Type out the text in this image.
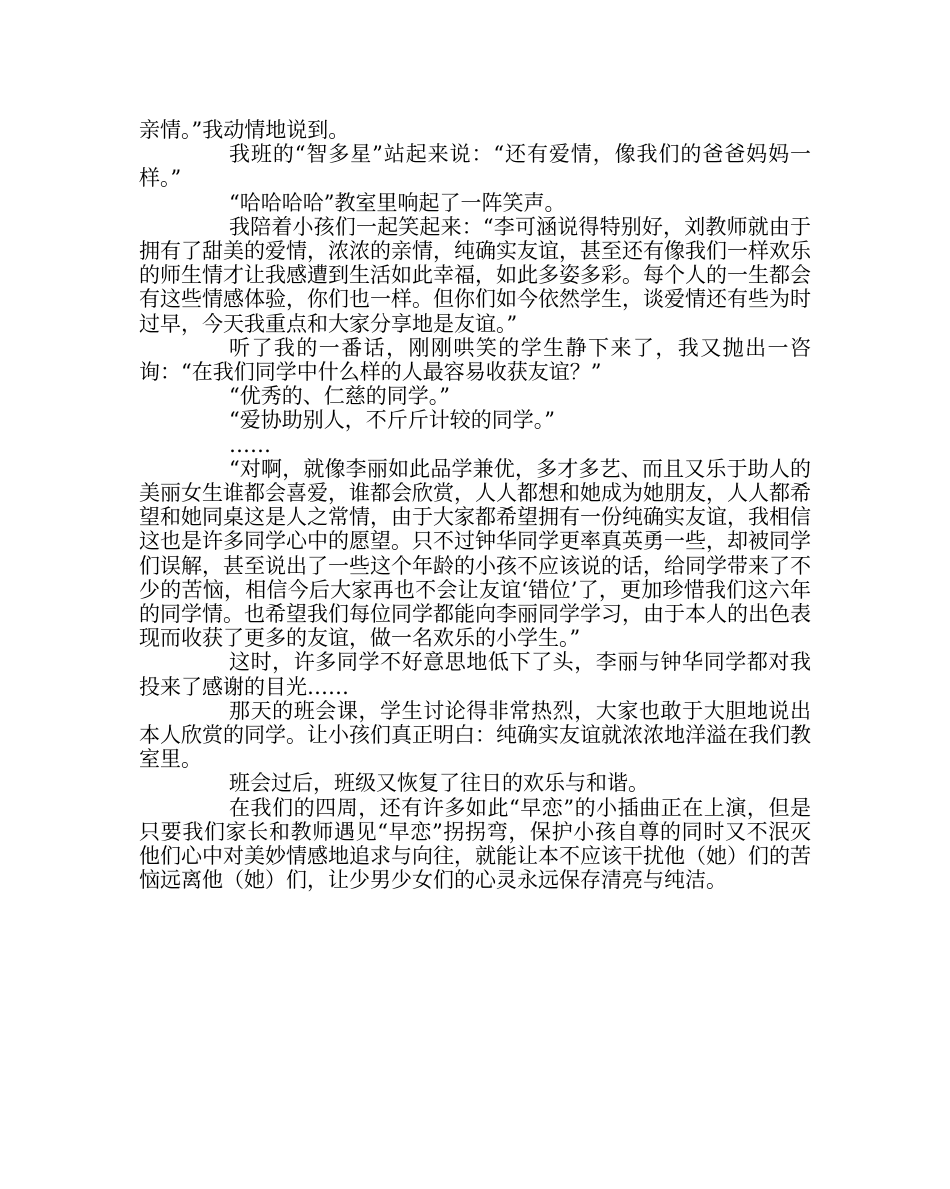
亲情。”我动情地说到。

我班的“智多星”站起来说：“还有爱情，像我们的爸爸妈妈一样。”

“哈哈哈哈”教室里响起了一阵笑声。

我陪着小孩们一起笑起来：“李可涵说得特别好，刘教师就由于拥有了甜美的爱情，浓浓的亲情，纯确实友谊，甚至还有像我们一样欢乐的师生情才让我感遭到生活如此幸福，如此多姿多彩。每个人的一生都会有这些情感体验，你们也一样。但你们如今依然学生，谈爱情还有些为时过早，今天我重点和大家分享地是友谊。”

听了我的一番话，刚刚哄笑的学生静下来了，我又抛出一咨询：“在我们同学中什么样的人最容易收获友谊？”

“优秀的、仁慈的同学。”

“爱协助别人，不斤斤计较的同学。”

……

“对啊，就像李丽如此品学兼优，多才多艺、而且又乐于助人的美丽女生谁都会喜爱，谁都会欣赏，人人都想和她成为她朋友，人人都希望和她同桌这是人之常情，由于大家都希望拥有一份纯确实友谊，我相信这也是许多同学心中的愿望。只不过钟华同学更率真英勇一些，却被同学们误解，甚至说出了一些这个年龄的小孩不应该说的话，给同学带来了不少的苦恼，相信今后大家再也不会让友谊‘错位’了，更加珍惜我们这六年的同学情。也希望我们每位同学都能向李丽同学学习，由于本人的出色表现而收获了更多的友谊，做一名欢乐的小学生。”

这时，许多同学不好意思地低下了头，李丽与钟华同学都对我投来了感谢的目光……

那天的班会课，学生讨论得非常热烈，大家也敢于大胆地说出本人欣赏的同学。让小孩们真正明白：纯确实友谊就浓浓地洋溢在我们教室里。

班会过后，班级又恢复了往日的欢乐与和谐。

在我们的四周，还有许多如此“早恋”的小插曲正在上演，但是只要我们家长和教师遇见“早恋”拐拐弯，保护小孩自尊的同时又不泯灭他们心中对美妙情感地追求与向往，就能让本不应该干扰他（她）们的苦恼远离他（她）们，让少男少女们的心灵永远保存清亮与纯洁。
